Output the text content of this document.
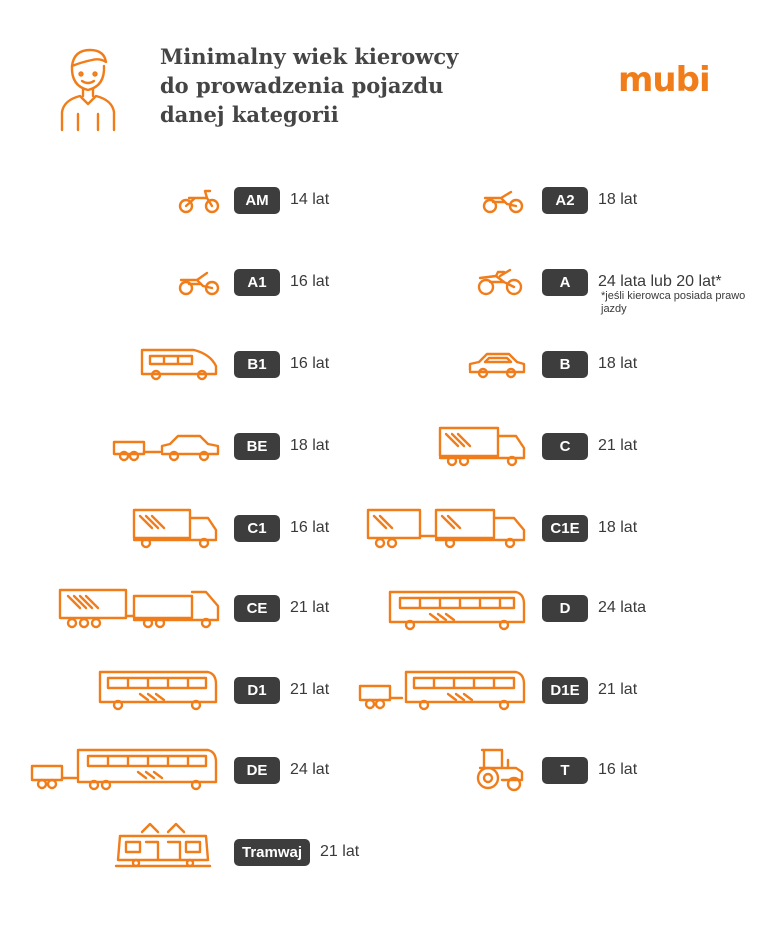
Minimalny wiek kierowcy
do prowadzenia pojazdu
danej kategorii
mubi
AM	14 lat	A2	18 lat
A1	16 lat	A	24 lata lub 20 lat*
*jeśli kierowca posiada prawo jazdy
B1	16 lat	B	18 lat
BE	18 lat	C	21 lat
C1	16 lat	C1E	18 lat
CE	21 lat	D	24 lata
D1	21 lat	D1E	21 lat
DE	24 lat	T	16 lat
Tramwaj	21 lat
